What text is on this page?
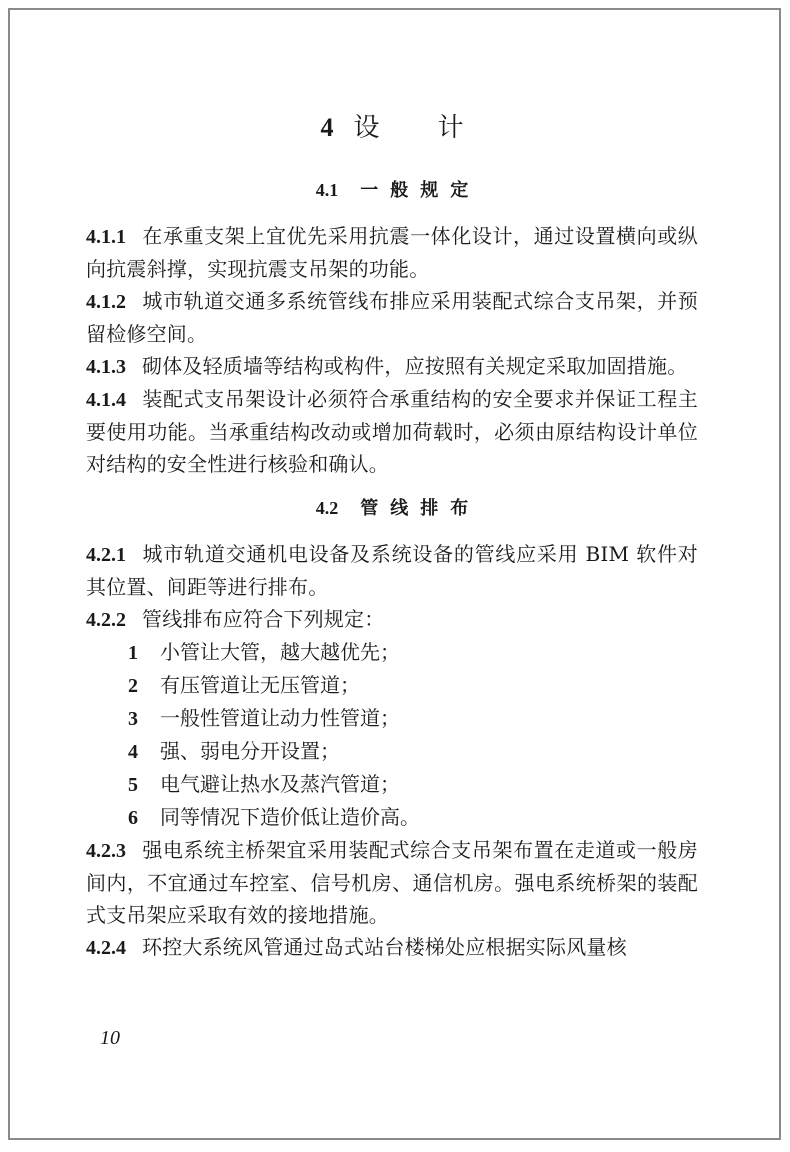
4 设计
4.1 一般规定

4.1.1 在承重支架上宜优先采用抗震一体化设计，通过设置横向或纵向抗震斜撑，实现抗震支吊架的功能。

4.1.2 城市轨道交通多系统管线布排应采用装配式综合支吊架，并预留检修空间。

4.1.3 砌体及轻质墙等结构或构件，应按照有关规定采取加固措施。

4.1.4 装配式支吊架设计必须符合承重结构的安全要求并保证工程主要使用功能。当承重结构改动或增加荷载时，必须由原结构设计单位对结构的安全性进行核验和确认。

4.2 管线排布

4.2.1 城市轨道交通机电设备及系统设备的管线应采用 BIM 软件对其位置、间距等进行排布。

4.2.2 管线排布应符合下列规定：

1 小管让大管，越大越优先；

2 有压管道让无压管道；

3 一般性管道让动力性管道；

4 强、弱电分开设置；

5 电气避让热水及蒸汽管道；

6 同等情况下造价低让造价高。

4.2.3 强电系统主桥架宜采用装配式综合支吊架布置在走道或一般房间内，不宜通过车控室、信号机房、通信机房。强电系统桥架的装配式支吊架应采取有效的接地措施。

4.2.4 环控大系统风管通过岛式站台楼梯处应根据实际风量核

10
